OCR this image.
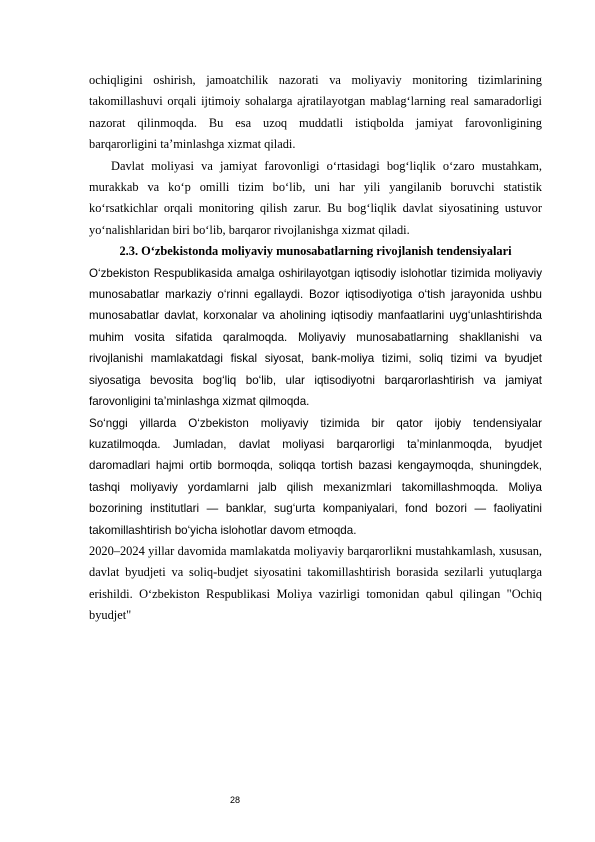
ochiqligini oshirish, jamoatchilik nazorati va moliyaviy monitoring tizimlarining takomillashuvi orqali ijtimoiy sohalarga ajratilayotgan mablag‘larning real samaradorligi nazorat qilinmoqda. Bu esa uzoq muddatli istiqbolda jamiyat farovonligining barqarorligini ta’minlashga xizmat qiladi.

Davlat moliyasi va jamiyat farovonligi o‘rtasidagi bog‘liqlik o‘zaro mustahkam, murakkab va ko‘p omilli tizim bo‘lib, uni har yili yangilanib boruvchi statistik ko‘rsatkichlar orqali monitoring qilish zarur. Bu bog‘liqlik davlat siyosatining ustuvor yo‘nalishlaridan biri bo‘lib, barqaror rivojlanishga xizmat qiladi.

2.3. O‘zbekistonda moliyaviy munosabatlarning rivojlanish tendensiyalari

O‘zbekiston Respublikasida amalga oshirilayotgan iqtisodiy islohotlar tizimida moliyaviy munosabatlar markaziy o‘rinni egallaydi. Bozor iqtisodiyotiga o‘tish jarayonida ushbu munosabatlar davlat, korxonalar va aholining iqtisodiy manfaatlarini uyg‘unlashtirishda muhim vosita sifatida qaralmoqda. Moliyaviy munosabatlarning shakllanishi va rivojlanishi mamlakatdagi fiskal siyosat, bank-moliya tizimi, soliq tizimi va byudjet siyosatiga bevosita bog‘liq bo‘lib, ular iqtisodiyotni barqarorlashtirish va jamiyat farovonligini ta’minlashga xizmat qilmoqda.

So‘nggi yillarda O‘zbekiston moliyaviy tizimida bir qator ijobiy tendensiyalar kuzatilmoqda. Jumladan, davlat moliyasi barqarorligi ta’minlanmoqda, byudjet daromadlari hajmi ortib bormoqda, soliqqa tortish bazasi kengaymoqda, shuningdek, tashqi moliyaviy yordamlarni jalb qilish mexanizmlari takomillashmoqda. Moliya bozorining institutlari — banklar, sug‘urta kompaniyalari, fond bozori — faoliyatini takomillashtirish bo‘yicha islohotlar davom etmoqda.

2020–2024 yillar davomida mamlakatda moliyaviy barqarorlikni mustahkamlash, xususan, davlat byudjeti va soliq-budjet siyosatini takomillashtirish borasida sezilarli yutuqlarga erishildi. O‘zbekiston Respublikasi Moliya vazirligi tomonidan qabul qilingan "Ochiq byudjet"

28
